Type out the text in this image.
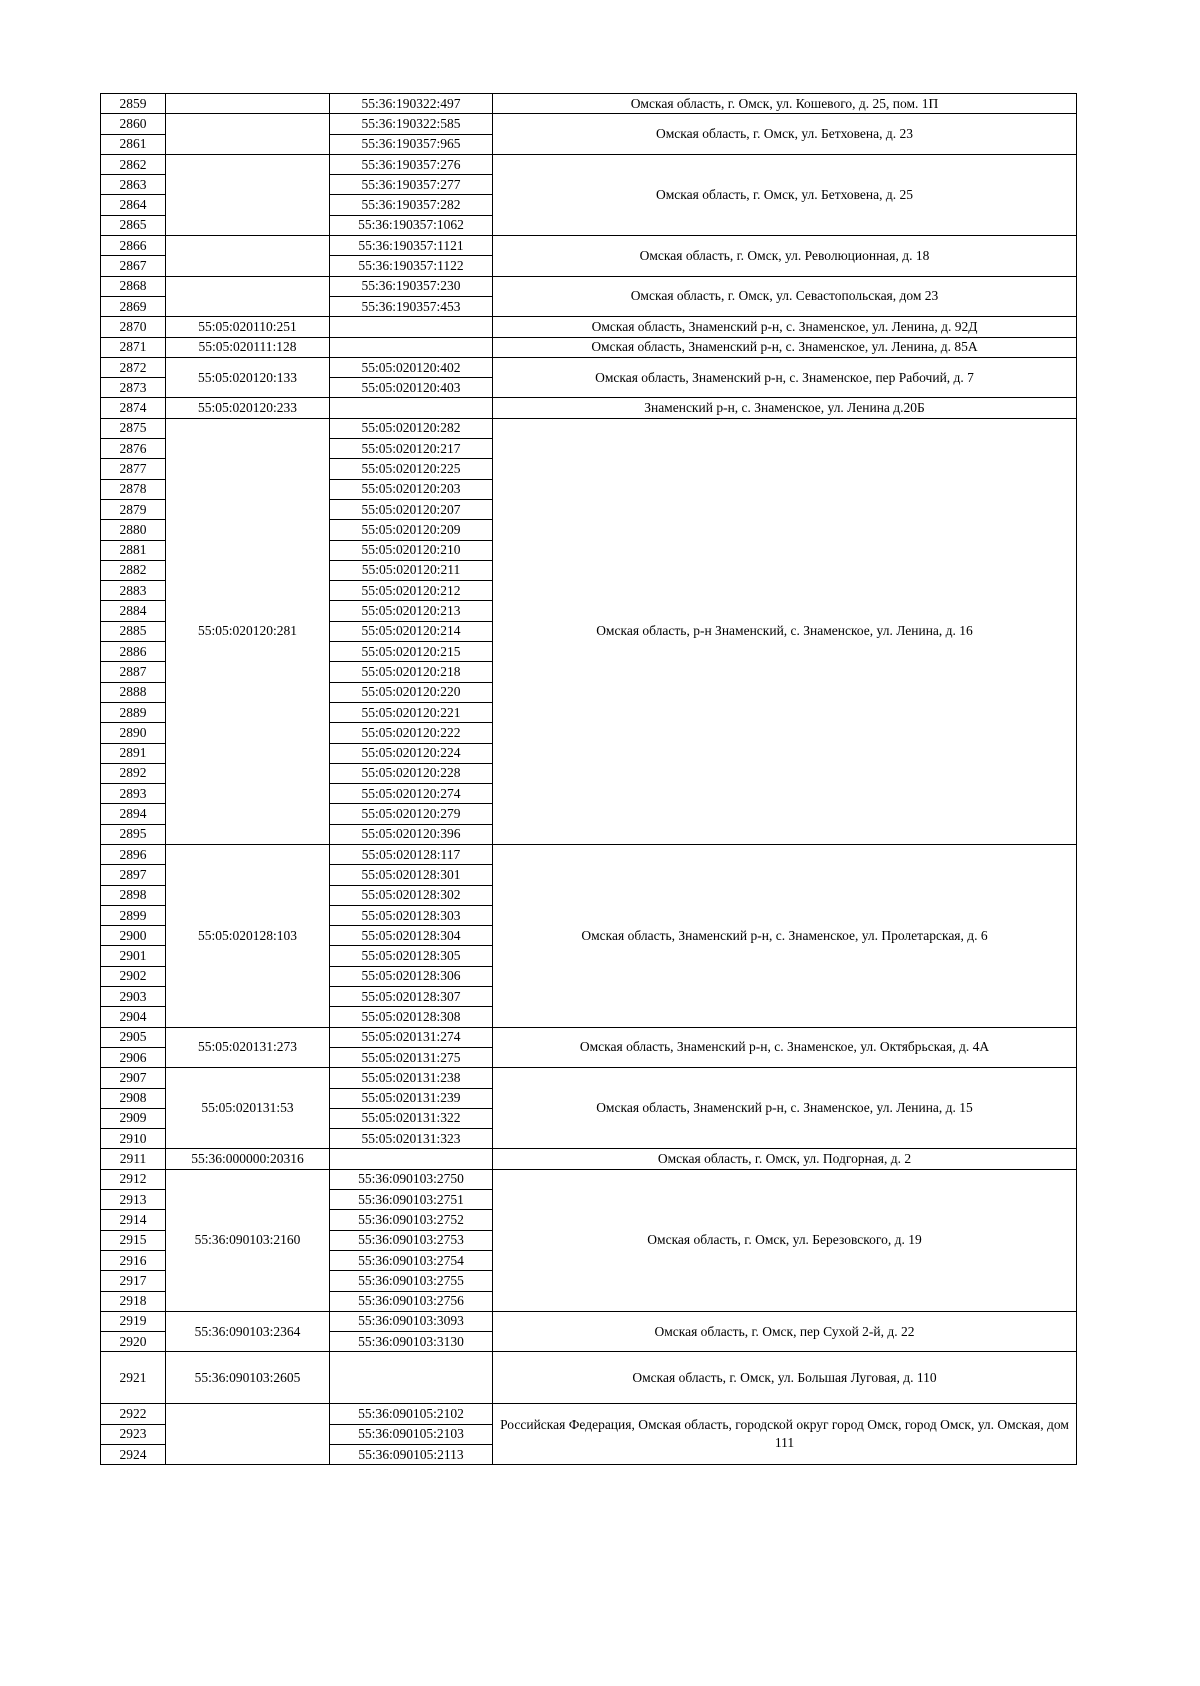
2859		55:36:190322:497	Омская область, г. Омск, ул. Кошевого, д. 25, пом. 1П
2860		55:36:190322:585	Омская область, г. Омск, ул. Бетховена, д. 23
2861		55:36:190357:965	
2862		55:36:190357:276	Омская область, г. Омск, ул. Бетховена, д. 25
2863		55:36:190357:277	
2864		55:36:190357:282	
2865		55:36:190357:1062	
2866		55:36:190357:1121	Омская область, г. Омск, ул. Революционная, д. 18
2867		55:36:190357:1122	
2868		55:36:190357:230	Омская область, г. Омск, ул. Севастопольская, дом 23
2869		55:36:190357:453	
2870	55:05:020110:251		Омская область, Знаменский р-н, с. Знаменское, ул. Ленина, д. 92Д
2871	55:05:020111:128		Омская область, Знаменский р-н, с. Знаменское, ул. Ленина, д. 85А
2872	55:05:020120:133	55:05:020120:402	Омская область, Знаменский р-н, с. Знаменское, пер Рабочий, д. 7
2873		55:05:020120:403	
2874	55:05:020120:233		Знаменский р-н, с. Знаменское, ул. Ленина д.20Б
2875	55:05:020120:281	55:05:020120:282	Омская область, р-н Знаменский, с. Знаменское, ул. Ленина, д. 16
2876		55:05:020120:217	
2877		55:05:020120:225	
2878		55:05:020120:203	
2879		55:05:020120:207	
2880		55:05:020120:209	
2881		55:05:020120:210	
2882		55:05:020120:211	
2883		55:05:020120:212	
2884		55:05:020120:213	
2885		55:05:020120:214	
2886		55:05:020120:215	
2887		55:05:020120:218	
2888		55:05:020120:220	
2889		55:05:020120:221	
2890		55:05:020120:222	
2891		55:05:020120:224	
2892		55:05:020120:228	
2893		55:05:020120:274	
2894		55:05:020120:279	
2895		55:05:020120:396	
2896	55:05:020128:103	55:05:020128:117	Омская область, Знаменский р-н, с. Знаменское, ул. Пролетарская, д. 6
2897		55:05:020128:301	
2898		55:05:020128:302	
2899		55:05:020128:303	
2900		55:05:020128:304	
2901		55:05:020128:305	
2902		55:05:020128:306	
2903		55:05:020128:307	
2904		55:05:020128:308	
2905	55:05:020131:273	55:05:020131:274	Омская область, Знаменский р-н, с. Знаменское, ул. Октябрьская, д. 4А
2906		55:05:020131:275	
2907	55:05:020131:53	55:05:020131:238	Омская область, Знаменский р-н, с. Знаменское, ул. Ленина, д. 15
2908		55:05:020131:239	
2909		55:05:020131:322	
2910		55:05:020131:323	
2911	55:36:000000:20316		Омская область, г. Омск, ул. Подгорная, д. 2
2912	55:36:090103:2160	55:36:090103:2750	Омская область, г. Омск, ул. Березовского, д. 19
2913		55:36:090103:2751	
2914		55:36:090103:2752	
2915		55:36:090103:2753	
2916		55:36:090103:2754	
2917		55:36:090103:2755	
2918		55:36:090103:2756	
2919	55:36:090103:2364	55:36:090103:3093	Омская область, г. Омск, пер Сухой 2-й, д. 22
2920		55:36:090103:3130	
2921	55:36:090103:2605		Омская область, г. Омск, ул. Большая Луговая, д. 110
2922		55:36:090105:2102	Российская Федерация, Омская область, городской округ город Омск, город Омск, ул. Омская, дом 111
2923		55:36:090105:2103	
2924		55:36:090105:2113	
